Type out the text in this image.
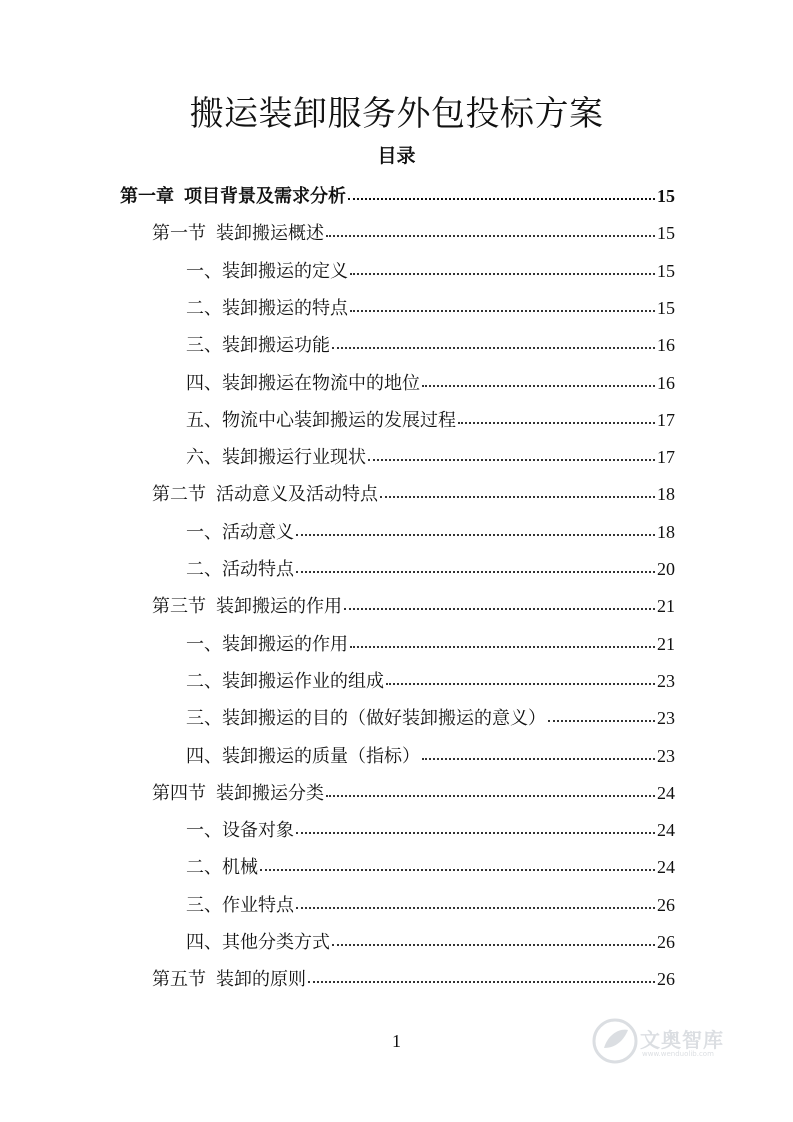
搬运装卸服务外包投标方案
目录
第一章 项目背景及需求分析	15
第一节 装卸搬运概述	15
一、装卸搬运的定义	15
二、装卸搬运的特点	15
三、装卸搬运功能	16
四、装卸搬运在物流中的地位	16
五、物流中心装卸搬运的发展过程	17
六、装卸搬运行业现状	17
第二节 活动意义及活动特点	18
一、活动意义	18
二、活动特点	20
第三节 装卸搬运的作用	21
一、装卸搬运的作用	21
二、装卸搬运作业的组成	23
三、装卸搬运的目的（做好装卸搬运的意义）	23
四、装卸搬运的质量（指标）	23
第四节 装卸搬运分类	24
一、设备对象	24
二、机械	24
三、作业特点	26
四、其他分类方式	26
第五节 装卸的原则	26
1	文奥智库
www.wenduolib.com
